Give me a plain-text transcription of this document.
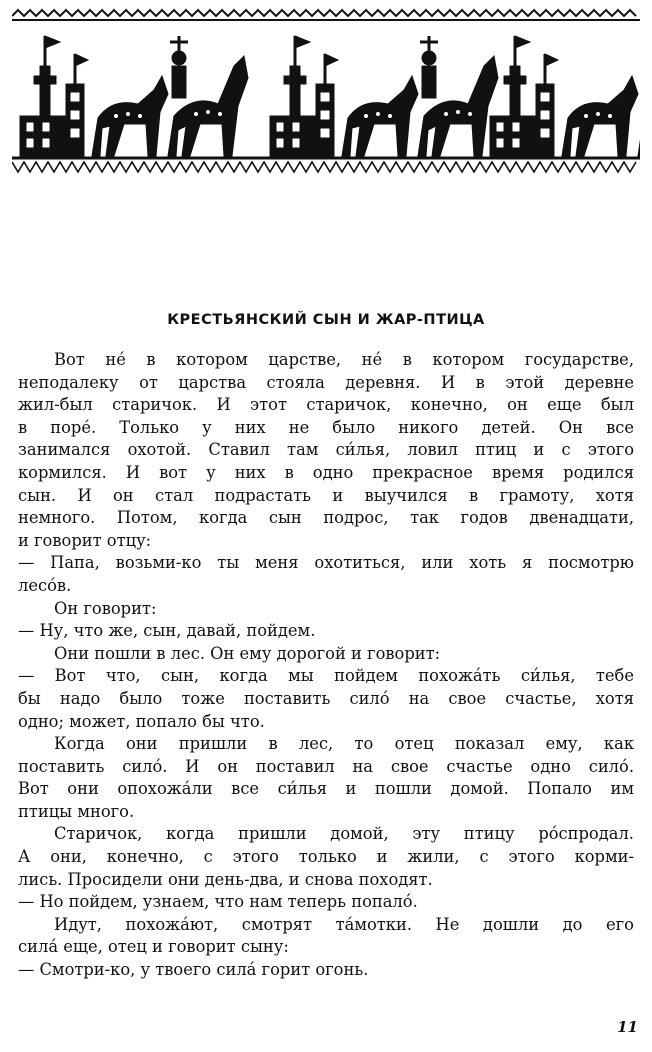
КРЕСТЬЯНСКИЙ СЫН И ЖАР-ПТИЦА
Вот не́ в котором царстве, не́ в котором государстве,
неподалеку от царства стояла деревня. И в этой деревне
жил-был старичок. И этот старичок, конечно, он еще был
в поре́. Только у них не было никого детей. Он все
занимался охотой. Ставил там си́лья, ловил птиц и с этого
кормился. И вот у них в одно прекрасное время родился
сын. И он стал подрастать и выучился в грамоту, хотя
немного. Потом, когда сын подрос, так годов двенадцати,
и говорит отцу:
— Папа, возьми-ко ты меня охотиться, или хоть я посмотрю
лесо́в.
Он говорит:
— Ну, что же, сын, давай, пойдем.
Они пошли в лес. Он ему дорогой и говорит:
— Вот что, сын, когда мы пойдем похожа́ть си́лья, тебе
бы надо было тоже поставить сило́ на свое счастье, хотя
одно; может, попало бы что.
Когда они пришли в лес, то отец показал ему, как
поставить сило́. И он поставил на свое счастье одно сило́.
Вот они опохожа́ли все си́лья и пошли домой. Попало им
птицы много.
Старичок, когда пришли домой, эту птицу ро́спродал.
А они, конечно, с этого только и жили, с этого корми-
лись. Просидели они день-два, и снова походят.
— Но пойдем, узнаем, что нам теперь попало́.
Идут, похожа́ют, смотрят та́мотки. Не дошли до его
сила́ еще, отец и говорит сыну:
— Смотри-ко, у твоего сила́ горит огонь.
11
